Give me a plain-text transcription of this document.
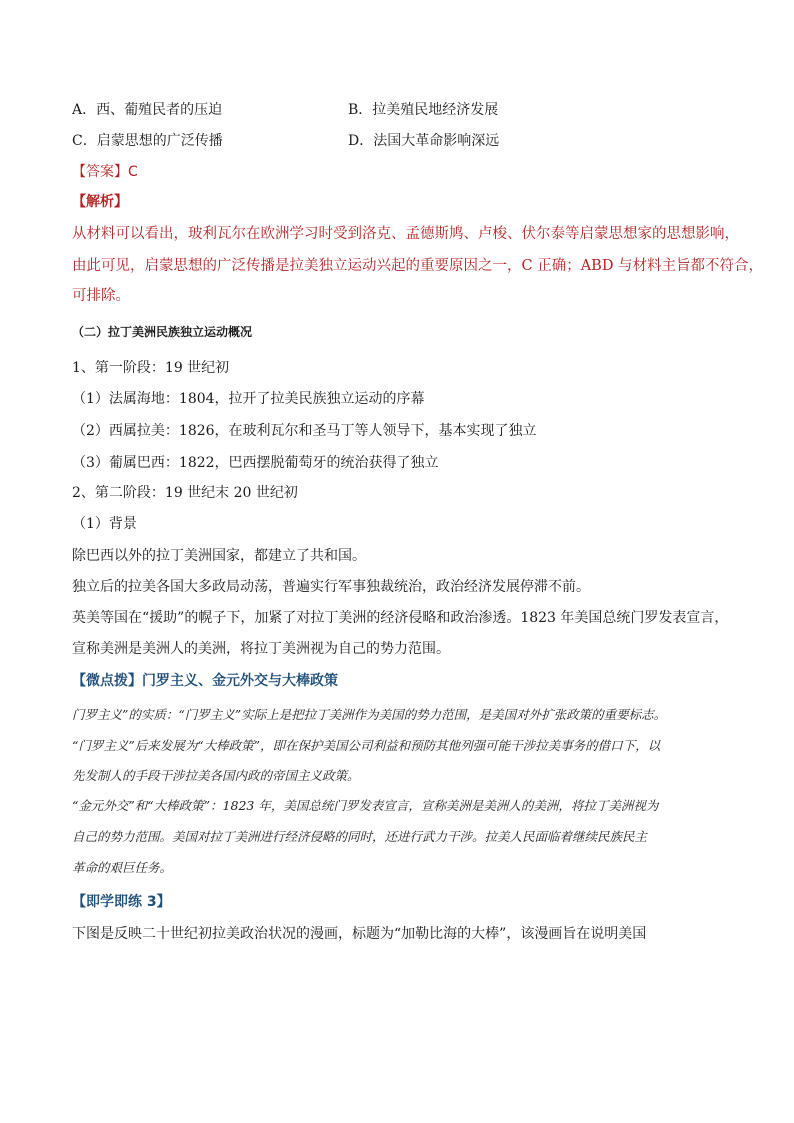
A．西、葡殖民者的压迫	B．拉美殖民地经济发展
C．启蒙思想的广泛传播	D．法国大革命影响深远
【答案】C
【解析】
从材料可以看出，玻利瓦尔在欧洲学习时受到洛克、孟德斯鸠、卢梭、伏尔泰等启蒙思想家的思想影响，
由此可见，启蒙思想的广泛传播是拉美独立运动兴起的重要原因之一，C 正确；ABD 与材料主旨都不符合，
可排除。
（二）拉丁美洲民族独立运动概况
1、第一阶段：19 世纪初
（1）法属海地：1804，拉开了拉美民族独立运动的序幕
（2）西属拉美：1826，在玻利瓦尔和圣马丁等人领导下，基本实现了独立
（3）葡属巴西：1822，巴西摆脱葡萄牙的统治获得了独立
2、第二阶段：19 世纪末 20 世纪初
（1）背景
除巴西以外的拉丁美洲国家，都建立了共和国。
独立后的拉美各国大多政局动荡，普遍实行军事独裁统治，政治经济发展停滞不前。
英美等国在“援助”的幌子下，加紧了对拉丁美洲的经济侵略和政治渗透。1823 年美国总统门罗发表宣言，
宣称美洲是美洲人的美洲，将拉丁美洲视为自己的势力范围。
【微点拨】门罗主义、金元外交与大棒政策
门罗主义”的实质：“门罗主义”实际上是把拉丁美洲作为美国的势力范围，是美国对外扩张政策的重要标志。
“门罗主义”后来发展为“大棒政策”，即在保护美国公司利益和预防其他列强可能干涉拉美事务的借口下，以
先发制人的手段干涉拉美各国内政的帝国主义政策。
“金元外交”和“大棒政策”：1823 年，美国总统门罗发表宣言，宣称美洲是美洲人的美洲，将拉丁美洲视为
自己的势力范围。美国对拉丁美洲进行经济侵略的同时，还进行武力干涉。拉美人民面临着继续民族民主
革命的艰巨任务。
【即学即练 3】
下图是反映二十世纪初拉美政治状况的漫画，标题为“加勒比海的大棒”，该漫画旨在说明美国
